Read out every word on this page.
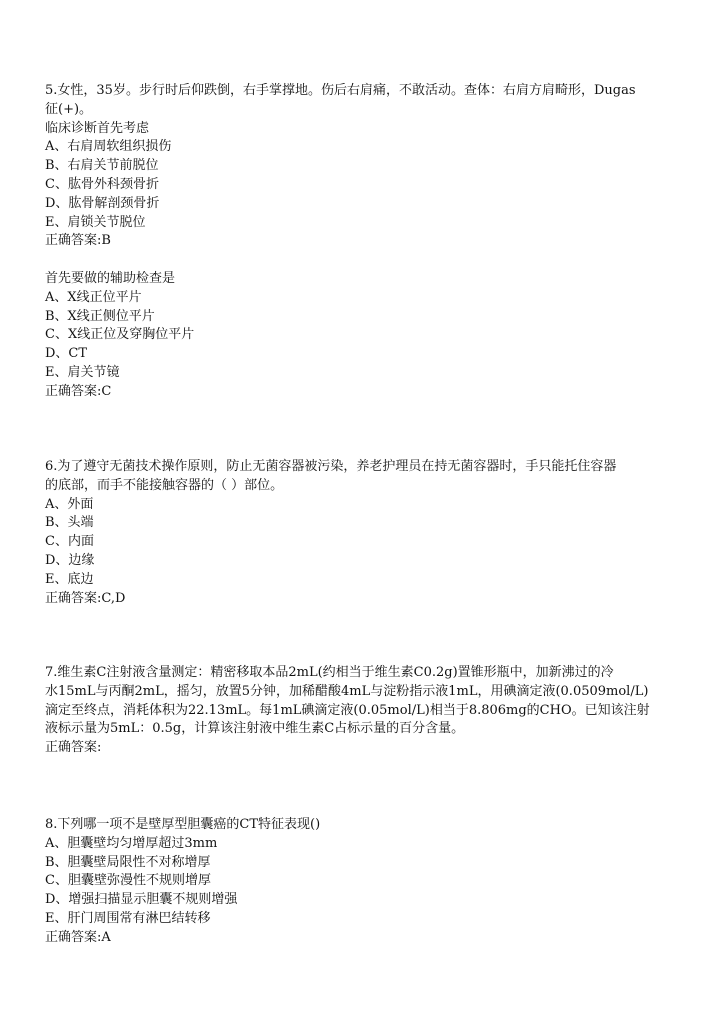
5.女性，35岁。步行时后仰跌倒，右手掌撑地。伤后右肩痛，不敢活动。查体：右肩方肩畸形，Dugas
征(+)。
临床诊断首先考虑
A、右肩周软组织损伤
B、右肩关节前脱位
C、肱骨外科颈骨折
D、肱骨解剖颈骨折
E、肩锁关节脱位
正确答案:B
首先要做的辅助检查是
A、X线正位平片
B、X线正侧位平片
C、X线正位及穿胸位平片
D、CT
E、肩关节镜
正确答案:C
6.为了遵守无菌技术操作原则，防止无菌容器被污染，养老护理员在持无菌容器时，手只能托住容器
的底部，而手不能接触容器的（ ）部位。
A、外面
B、头端
C、内面
D、边缘
E、底边
正确答案:C,D
7.维生素C注射液含量测定：精密移取本品2mL(约相当于维生素C0.2g)置锥形瓶中，加新沸过的冷
水15mL与丙酮2mL，摇匀，放置5分钟，加稀醋酸4mL与淀粉指示液1mL，用碘滴定液(0.0509mol/L)
滴定至终点，消耗体积为22.13mL。每1mL碘滴定液(0.05mol/L)相当于8.806mg的CHO。已知该注射
液标示量为5mL：0.5g，计算该注射液中维生素C占标示量的百分含量。
正确答案:
8.下列哪一项不是壁厚型胆囊癌的CT特征表现()
A、胆囊壁均匀增厚超过3mm
B、胆囊壁局限性不对称增厚
C、胆囊壁弥漫性不规则增厚
D、增强扫描显示胆囊不规则增强
E、肝门周围常有淋巴结转移
正确答案:A
